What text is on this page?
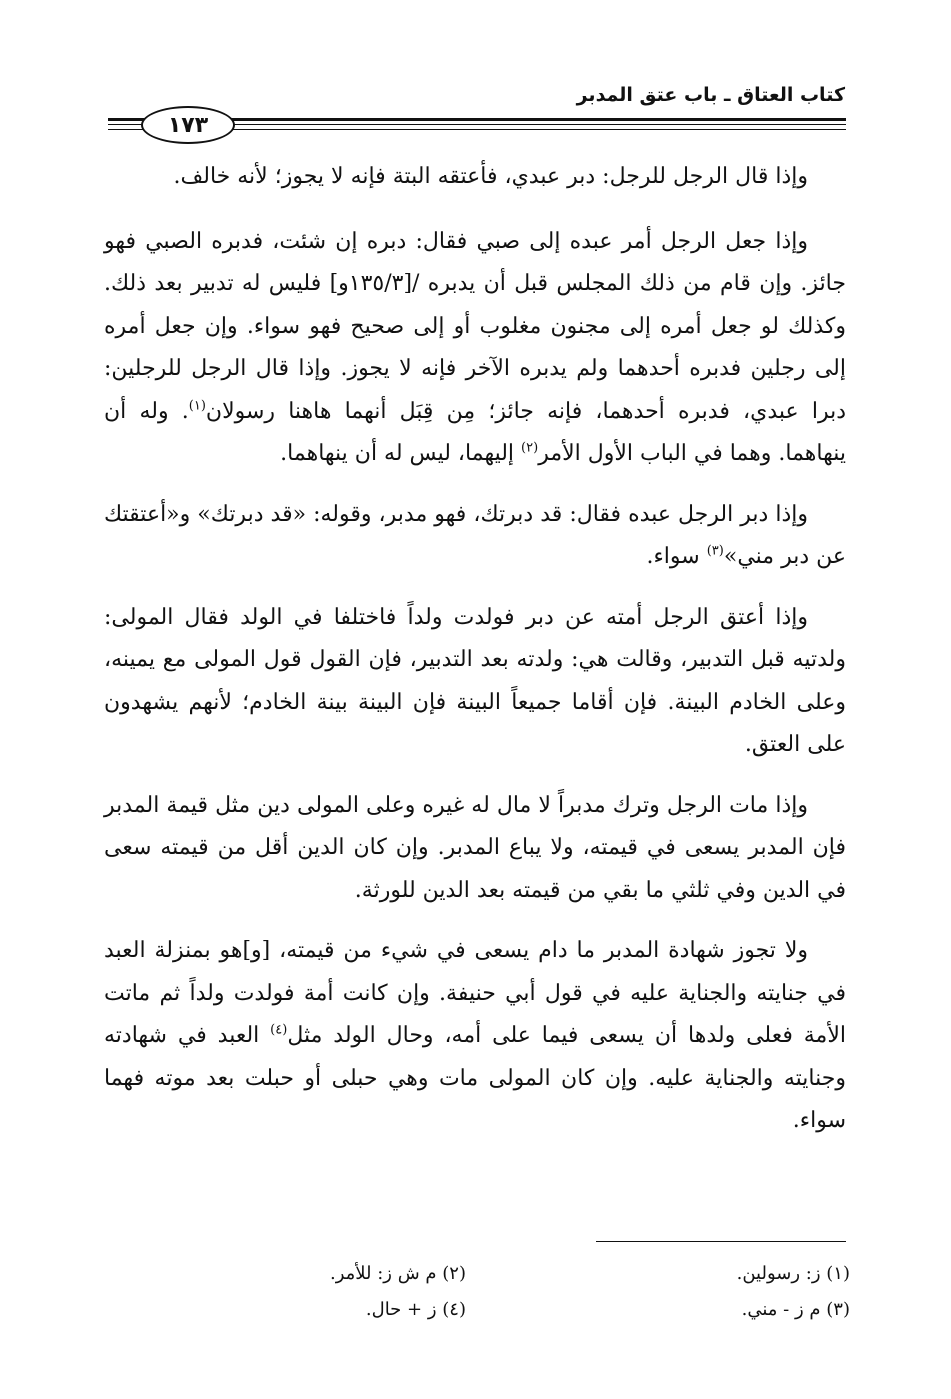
كتاب العتاق ـ باب عتق المدبر
١٧٣

وإذا قال الرجل للرجل: دبر عبدي، فأعتقه البتة فإنه لا يجوز؛ لأنه خالف.

وإذا جعل الرجل أمر عبده إلى صبي فقال: دبره إن شئت، فدبره الصبي فهو جائز. وإن قام من ذلك المجلس قبل أن يدبره /[١٣٥/٣و] فليس له تدبير بعد ذلك. وكذلك لو جعل أمره إلى مجنون مغلوب أو إلى صحيح فهو سواء. وإن جعل أمره إلى رجلين فدبره أحدهما ولم يدبره الآخر فإنه لا يجوز. وإذا قال الرجل للرجلين: دبرا عبدي، فدبره أحدهما، فإنه جائز؛ مِن قِبَل أنهما هاهنا رسولان$^{(١)}$. وله أن ينهاهما. وهما في الباب الأول الأمر$^{(٢)}$ إليهما، ليس له أن ينهاهما.

وإذا دبر الرجل عبده فقال: قد دبرتك، فهو مدبر، وقوله: «قد دبرتك» و«أعتقتك عن دبر مني»$^{(٣)}$ سواء.

وإذا أعتق الرجل أمته عن دبر فولدت ولداً فاختلفا في الولد فقال المولى: ولدتيه قبل التدبير، وقالت هي: ولدته بعد التدبير، فإن القول قول المولى مع يمينه، وعلى الخادم البينة. فإن أقاما جميعاً البينة فإن البينة بينة الخادم؛ لأنهم يشهدون على العتق.

وإذا مات الرجل وترك مدبراً لا مال له غيره وعلى المولى دين مثل قيمة المدبر فإن المدبر يسعى في قيمته، ولا يباع المدبر. وإن كان الدين أقل من قيمته سعى في الدين وفي ثلثي ما بقي من قيمته بعد الدين للورثة.

ولا تجوز شهادة المدبر ما دام يسعى في شيء من قيمته، [و]هو بمنزلة العبد في جنايته والجناية عليه في قول أبي حنيفة. وإن كانت أمة فولدت ولداً ثم ماتت الأمة فعلى ولدها أن يسعى فيما على أمه، وحال الولد مثل$^{(٤)}$ العبد في شهادته وجنايته والجناية عليه. وإن كان المولى مات وهي حبلى أو حبلت بعد موته فهما سواء.

(١) ز: رسولين.
(٢) م ش ز: للأمر.
(٣) م ز - مني.
(٤) ز + حال.
